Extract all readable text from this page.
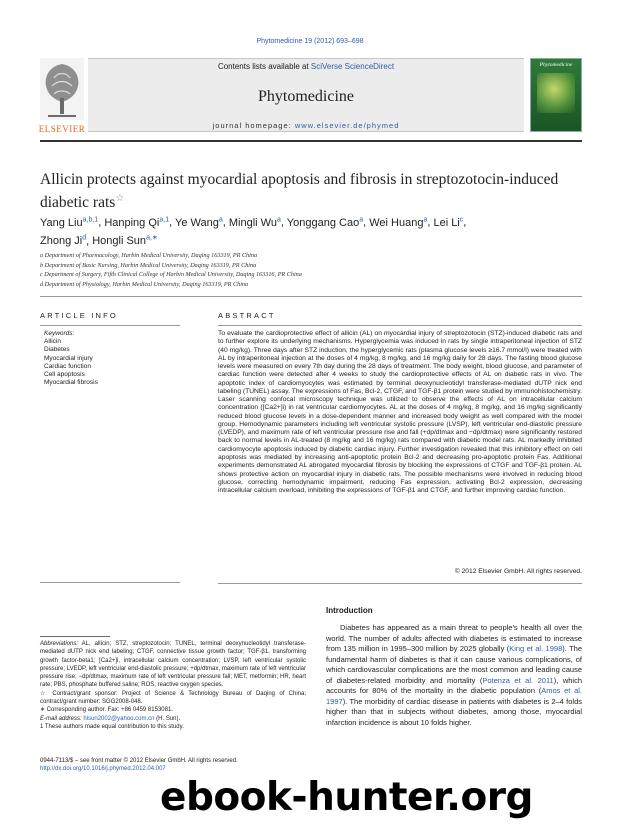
Phytomedicine 19 (2012) 693–698
ELSEVIER
Contents lists available at SciVerse ScienceDirect
Phytomedicine
journal homepage: www.elsevier.de/phymed
Phytomedicine
Allicin protects against myocardial apoptosis and fibrosis in streptozotocin-induced diabetic rats☆
Yang Liu$^{a,b,1}$, Hanping Qi$^{a,1}$, Ye Wang$^a$, Mingli Wu$^a$, Yonggang Cao$^a$, Wei Huang$^a$, Lei Li$^c$,
Zhong Ji$^d$, Hongli Sun$^{a,∗}$
a Department of Pharmacology, Harbin Medical University, Daqing 163319, PR China
b Department of Basic Nursing, Harbin Medical University, Daqing 163319, PR China
c Department of Surgery, Fifth Clinical College of Harbin Medical University, Daqing 163316, PR China
d Department of Physiology, Harbin Medical University, Daqing 163319, PR China
ARTICLE INFO	ABSTRACT
Keywords:
Allicin
Diabetes
Myocardial injury
Cardiac function
Cell apoptosis
Myocardial fibrosis
To evaluate the cardioprotective effect of allicin (AL) on myocardial injury of streptozotocin (STZ)-induced diabetic rats and to further explore its underlying mechanisms. Hyperglycemia was induced in rats by single intraperitoneal injection of STZ (40 mg/kg). Three days after STZ induction, the hyperglycemic rats (plasma glucose levels ≥16.7 mmol/l) were treated with AL by intraperitoneal injection at the doses of 4 mg/kg, 8 mg/kg, and 16 mg/kg daily for 28 days. The fasting blood glucose levels were measured on every 7th day during the 28 days of treatment. The body weight, blood glucose, and parameter of cardiac function were detected after 4 weeks to study the cardioprotective effects of AL on diabetic rats in vivo. The apoptotic index of cardiomyocytes was estimated by terminal deoxynucleotidyl transferase-mediated dUTP nick end labeling (TUNEL) assay. The expressions of Fas, Bcl-2, CTGF, and TGF-β1 protein were studied by immunohistochemistry. Laser scanning confocal microscopy technique was utilized to observe the effects of AL on intracellular calcium concentration ([Ca2+]i) in rat ventricular cardiomyocytes. AL at the doses of 4 mg/kg, 8 mg/kg, and 16 mg/kg significantly reduced blood glucose levels in a dose-dependent manner and increased body weight as well compared with the model group. Hemodynamic parameters including left ventricular systolic pressure (LVSP), left ventricular end-diastolic pressure (LVEDP), and maximum rate of left ventricular pressure rise and fall (+dp/dtmax and −dp/dtmax) were significantly restored back to normal levels in AL-treated (8 mg/kg and 16 mg/kg) rats compared with diabetic model rats. AL markedly inhibited cardiomyocyte apoptosis induced by diabetic cardiac injury. Further investigation revealed that this inhibitory effect on cell apoptosis was mediated by increasing anti-apoptotic protein Bcl-2 and decreasing pro-apoptotic protein Fas. Additional experiments demonstrated AL abrogated myocardial fibrosis by blocking the expressions of CTGF and TGF-β1 protein. AL shows protective action on myocardial injury in diabetic rats. The possible mechanisms were involved in reducing blood glucose, correcting hemodynamic impairment, reducing Fas expression, activating Bcl-2 expression, decreasing intracellular calcium overload, inhibiting the expressions of TGF-β1 and CTGF, and further improving cardiac function.
© 2012 Elsevier GmbH. All rights reserved.
Introduction
Diabetes has appeared as a main threat to people's health all over the world. The number of adults affected with diabetes is estimated to increase from 135 million in 1995–300 million by 2025 globally (King et al. 1998). The fundamental harm of diabetes is that it can cause various complications, of which cardiovascular complications are the most common and leading cause of diabetes-related morbidity and mortality (Potenza et al. 2011), which accounts for 80% of the mortality in the diabetic population (Amos et al. 1997). The morbidity of cardiac disease in patients with diabetes is 2–4 folds higher than that in subjects without diabetes, among those, myocardial infarction incidence is about 10 folds higher.
Abbreviations: AL, allicin; STZ, streptozotocin; TUNEL, terminal deoxynucleotidyl transferase-mediated dUTP nick end labeling; CTGF, connective tissue growth factor; TGF-β1, transforming growth factor-beta1; [Ca2+]i, intracellular calcium concentration; LVSP, left ventricular systolic pressure; LVEDP, left ventricular end-diastolic pressure; +dp/dtmax, maximum rate of left ventricular pressure rise; −dp/dtmax, maximum rate of left ventricular pressure fall; MET, metformin; HR, heart rate; PBS, phosphate buffered saline; ROS, reactive oxygen species.
☆ Contract/grant sponsor: Project of Science & Technology Bureau of Daqing of China; contract/grant number: SGG2008-048.
∗ Corresponding author. Fax: +86 0459 8153081.
E-mail address: hlsun2002@yahoo.com.cn (H. Sun).
1 These authors made equal contribution to this study.
0944-7113/$ – see front matter © 2012 Elsevier GmbH. All rights reserved.
http://dx.doi.org/10.1016/j.phymed.2012.04.007
ebook-hunter.org
